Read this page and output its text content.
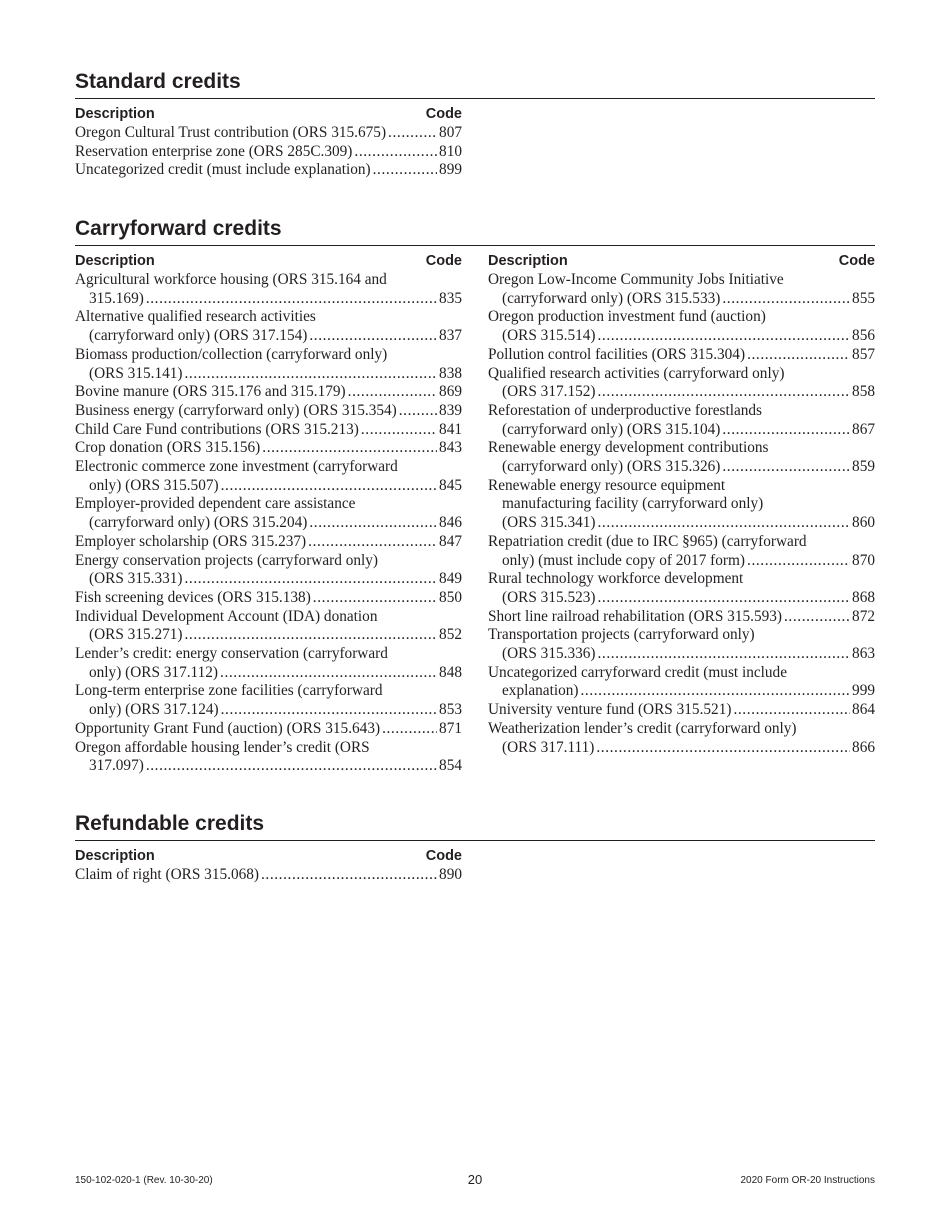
Standard credits
Description	Code
Oregon Cultural Trust contribution (ORS 315.675) .....	807
Reservation enterprise zone (ORS 285C.309) .....	810
Uncategorized credit (must include explanation) .....	899
Carryforward credits
Description	Code
Agricultural workforce housing (ORS 315.164 and
315.169) .....	835
Alternative qualified research activities
(carryforward only) (ORS 317.154) .....	837
Biomass production/collection (carryforward only)
(ORS 315.141) .....	838
Bovine manure (ORS 315.176 and 315.179) .....	869
Business energy (carryforward only) (ORS 315.354) .....	839
Child Care Fund contributions (ORS 315.213) .....	841
Crop donation (ORS 315.156) .....	843
Electronic commerce zone investment (carryforward
only) (ORS 315.507) .....	845
Employer-provided dependent care assistance
(carryforward only) (ORS 315.204) .....	846
Employer scholarship (ORS 315.237) .....	847
Energy conservation projects (carryforward only)
(ORS 315.331) .....	849
Fish screening devices (ORS 315.138) .....	850
Individual Development Account (IDA) donation
(ORS 315.271) .....	852
Lender’s credit: energy conservation (carryforward
only) (ORS 317.112) .....	848
Long-term enterprise zone facilities (carryforward
only) (ORS 317.124) .....	853
Opportunity Grant Fund (auction) (ORS 315.643) .....	871
Oregon affordable housing lender’s credit (ORS
317.097) .....	854
Description	Code
Oregon Low-Income Community Jobs Initiative
(carryforward only) (ORS 315.533) .....	855
Oregon production investment fund (auction)
(ORS 315.514) .....	856
Pollution control facilities (ORS 315.304) .....	857
Qualified research activities (carryforward only)
(ORS 317.152) .....	858
Reforestation of underproductive forestlands
(carryforward only) (ORS 315.104) .....	867
Renewable energy development contributions
(carryforward only) (ORS 315.326) .....	859
Renewable energy resource equipment
manufacturing facility (carryforward only)
(ORS 315.341) .....	860
Repatriation credit (due to IRC §965) (carryforward
only) (must include copy of 2017 form) .....	870
Rural technology workforce development
(ORS 315.523) .....	868
Short line railroad rehabilitation (ORS 315.593) .....	872
Transportation projects (carryforward only)
(ORS 315.336) .....	863
Uncategorized carryforward credit (must include
explanation) .....	999
University venture fund (ORS 315.521) .....	864
Weatherization lender’s credit (carryforward only)
(ORS 317.111) .....	866
Refundable credits
Description	Code
Claim of right (ORS 315.068) .....	890
150-102-020-1 (Rev. 10-30-20)	20	2020 Form OR-20 Instructions
